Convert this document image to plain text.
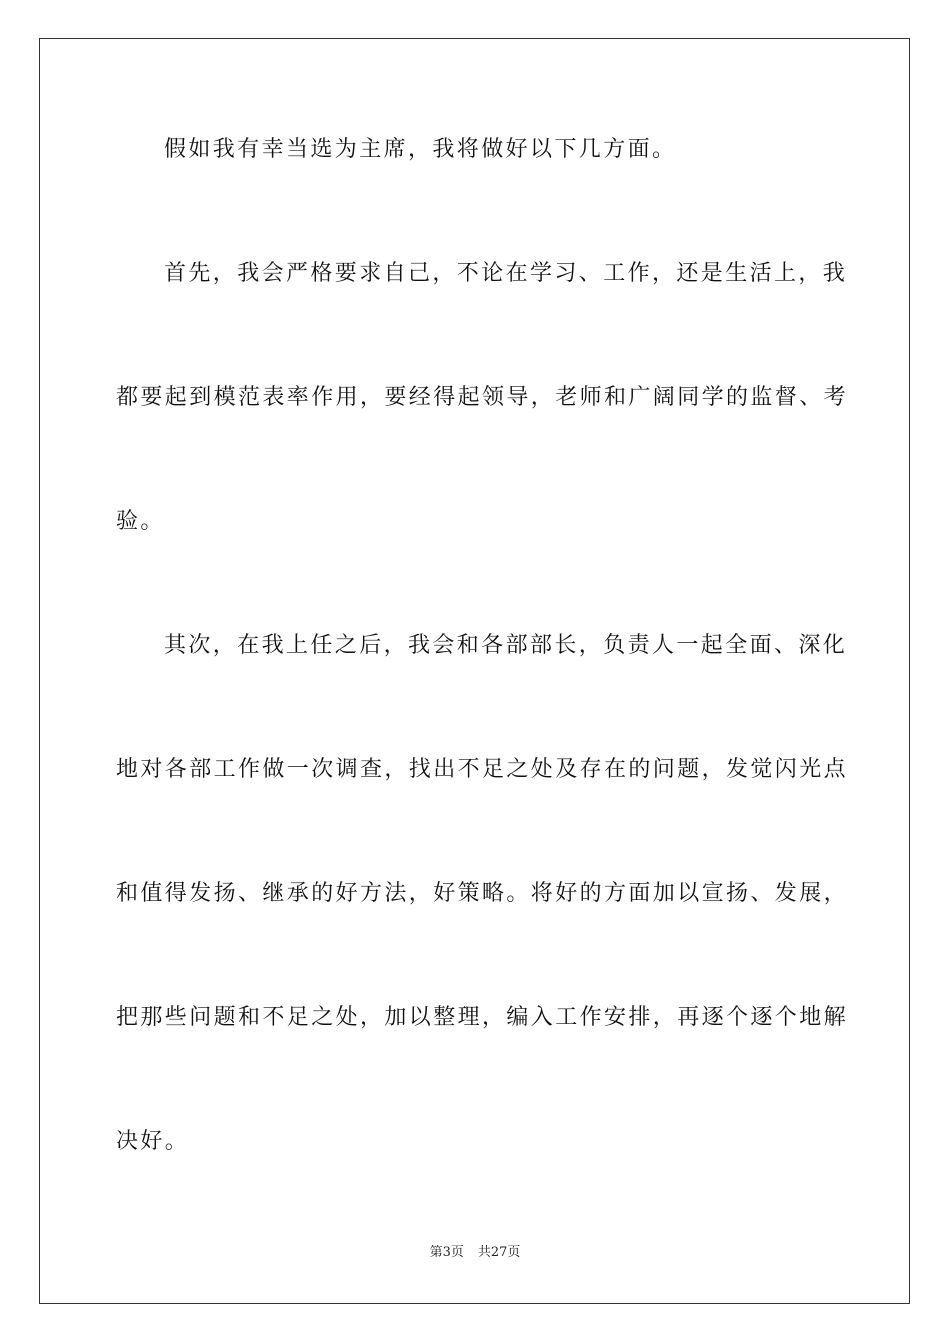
假如我有幸当选为主席，我将做好以下几方面。
首先，我会严格要求自己，不论在学习、工作，还是生活上，我
都要起到模范表率作用，要经得起领导，老师和广阔同学的监督、考
验。
其次，在我上任之后，我会和各部部长，负责人一起全面、深化
地对各部工作做一次调查，找出不足之处及存在的问题，发觉闪光点
和值得发扬、继承的好方法，好策略。将好的方面加以宣扬、发展，
把那些问题和不足之处，加以整理，编入工作安排，再逐个逐个地解
决好。
第3页 共27页
